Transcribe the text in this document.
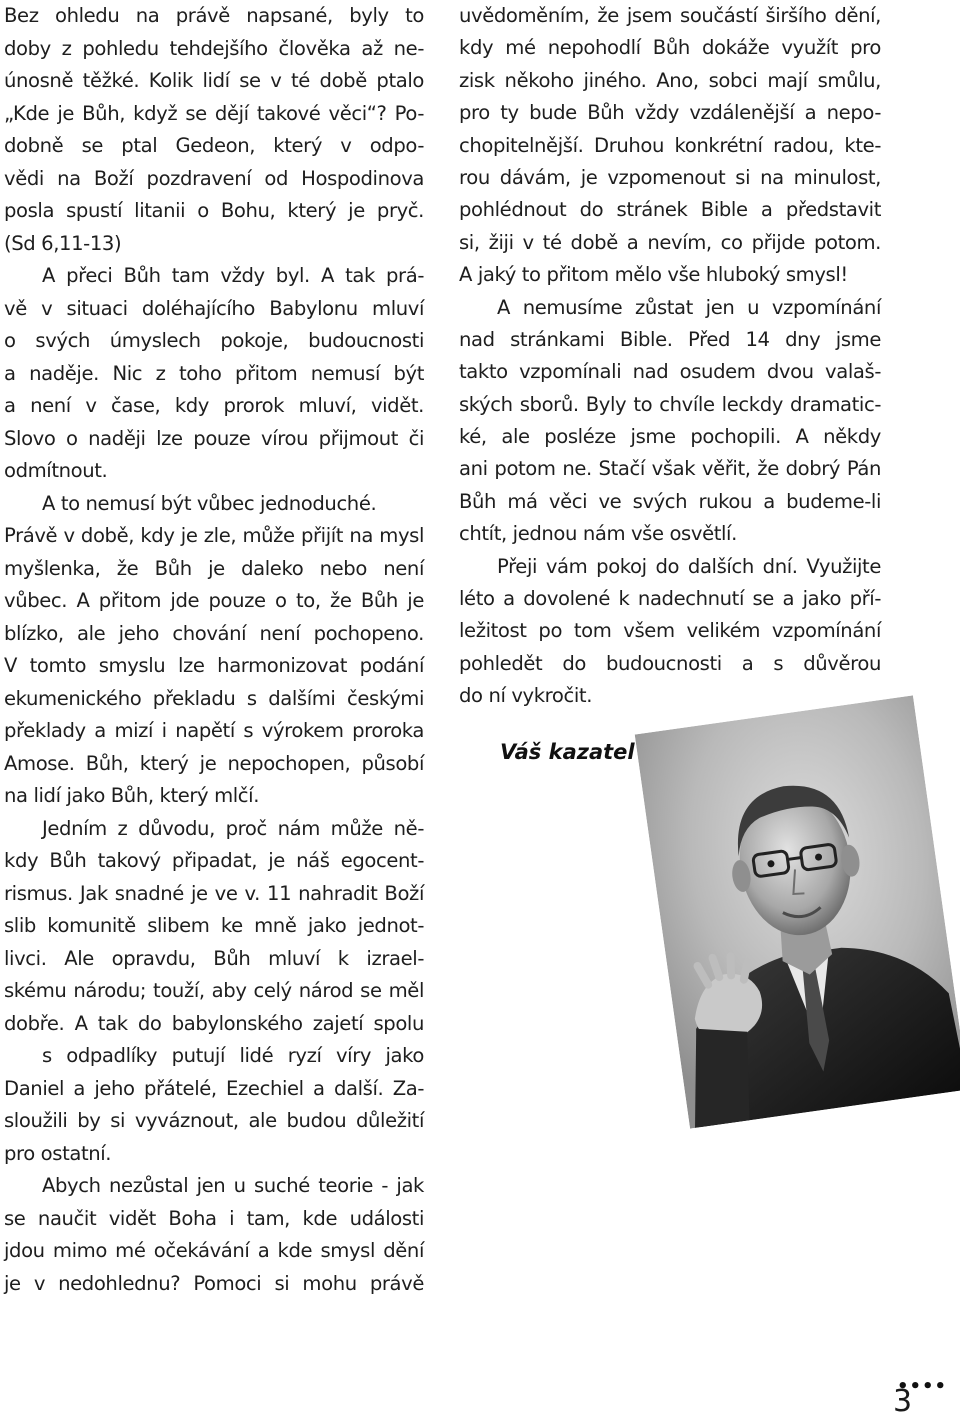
Bez ohledu na právě napsané, byly to
doby z pohledu tehdejšího člověka až ne-
únosně těžké. Kolik lidí se v té době ptalo
„Kde je Bůh, když se dějí takové věci“? Po-
dobně se ptal Gedeon, který v odpo-
vědi na Boží pozdravení od Hospodinova
posla spustí litanii o Bohu, který je pryč.
(Sd 6,11-13)
A přeci Bůh tam vždy byl. A tak prá-
vě v situaci doléhajícího Babylonu mluví
o svých úmyslech pokoje, budoucnosti
a naděje. Nic z toho přitom nemusí být
a není v čase, kdy prorok mluví, vidět.
Slovo o naději lze pouze vírou přijmout či
odmítnout.
A to nemusí být vůbec jednoduché.
Právě v době, kdy je zle, může přijít na mysl
myšlenka, že Bůh je daleko nebo není
vůbec. A přitom jde pouze o to, že Bůh je
blízko, ale jeho chování není pochopeno.
V tomto smyslu lze harmonizovat podání
ekumenického překladu s dalšími českými
překlady a mizí i napětí s výrokem proroka
Amose. Bůh, který je nepochopen, působí
na lidí jako Bůh, který mlčí.
Jedním z důvodu, proč nám může ně-
kdy Bůh takový připadat, je náš egocent-
rismus. Jak snadné je ve v. 11 nahradit Boží
slib komunitě slibem ke mně jako jednot-
livci. Ale opravdu, Bůh mluví k izrael-
skému národu; touží, aby celý národ se měl
dobře. A tak do babylonského zajetí spolu
s odpadlíky putují lidé ryzí víry jako
Daniel a jeho přátelé, Ezechiel a další. Za-
sloužili by si vyváznout, ale budou důležití
pro ostatní.
Abych nezůstal jen u suché teorie - jak
se naučit vidět Boha i tam, kde události
jdou mimo mé očekávání a kde smysl dění
je v nedohlednu? Pomoci si mohu právě
uvědoměním, že jsem součástí širšího dění,
kdy mé nepohodlí Bůh dokáže využít pro
zisk někoho jiného. Ano, sobci mají smůlu,
pro ty bude Bůh vždy vzdálenější a nepo-
chopitelnější. Druhou konkrétní radou, kte-
rou dávám, je vzpomenout si na minulost,
pohlédnout do stránek Bible a představit
si, žiji v té době a nevím, co přijde potom.
A jaký to přitom mělo vše hluboký smysl!
A nemusíme zůstat jen u vzpomínání
nad stránkami Bible. Před 14 dny jsme
takto vzpomínali nad osudem dvou valaš-
ských sborů. Byly to chvíle leckdy dramatic-
ké, ale posléze jsme pochopili. A někdy
ani potom ne. Stačí však věřit, že dobrý Pán
Bůh má věci ve svých rukou a budeme-li
chtít, jednou nám vše osvětlí.
Přeji vám pokoj do dalších dní. Využijte
léto a dovolené k nadechnutí se a jako pří-
ležitost po tom všem velikém vzpomínání
pohledět do budoucnosti a s důvěrou
do ní vykročit.
Váš kazatel
••••
3
